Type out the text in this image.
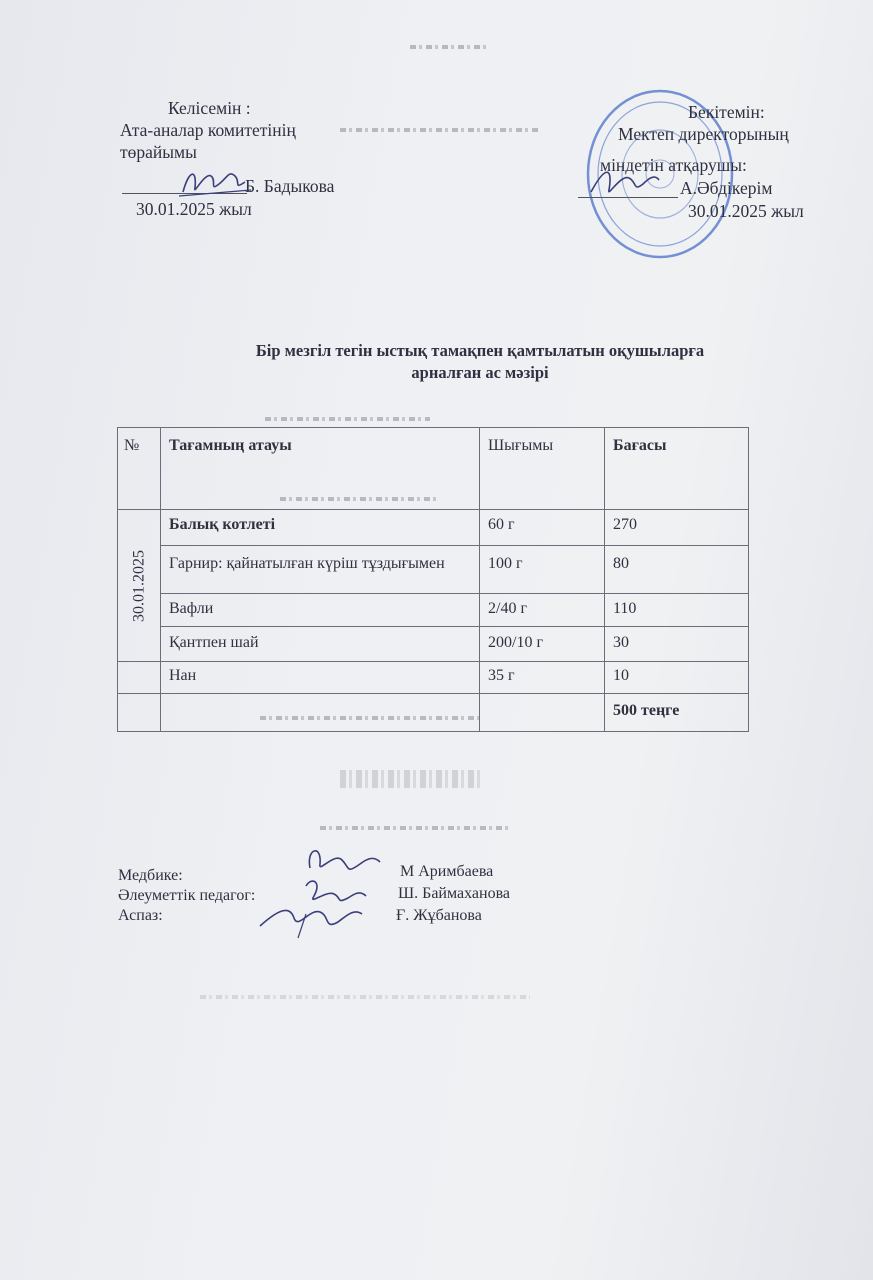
Келісемін :
Ата-аналар комитетінің
төрайымы
Б. Бадыкова
30.01.2025 жыл
Бекітемін:
Мектеп директорының
міндетін атқарушы:
А.Әбдікерім
30.01.2025 жыл
Бір мезгіл тегін ыстық тамақпен қамтылатын оқушыларға
арналған ас мәзірі
№	Тағамның атауы	Шығымы	Бағасы

30.01.2025	Балық котлеті	60 г	270
	Гарнир: қайнатылған күріш тұздығымен	100 г	80
	Вафли	2/40 г	110
	Қантпен шай	200/10 г	30
	Нан	35 г	10
			500 теңге
Медбике:	М Аримбаева
Әлеуметтік педагог:	Ш. Баймаханова
Аспаз:	Ғ. Жұбанова
